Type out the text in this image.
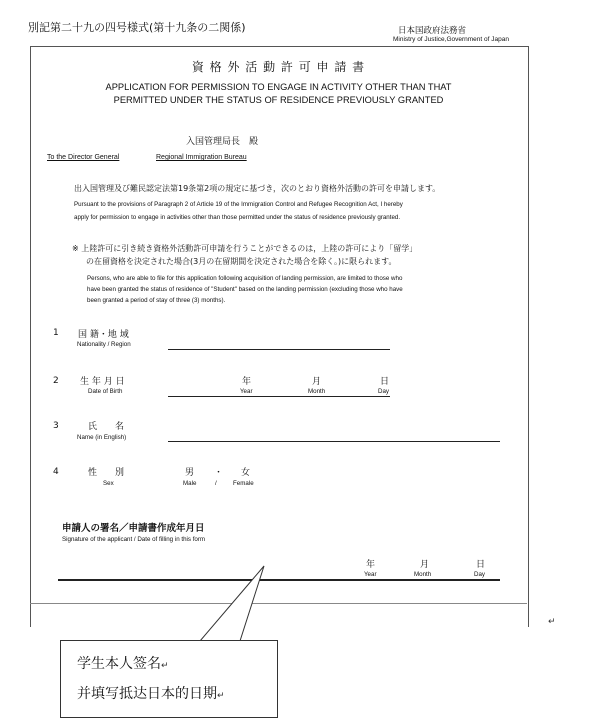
別記第二十九の四号様式(第十九条の二関係)	日本国政府法務省
Ministry of Justice,Government of Japan
資 格 外 活 動 許 可 申 請 書
APPLICATION FOR PERMISSION TO ENGAGE IN ACTIVITY OTHER THAN THAT
PERMITTED UNDER THE STATUS OF RESIDENCE PREVIOUSLY GRANTED
入国管理局長　殿
To the Director General	Regional Immigration Bureau
出入国管理及び難民認定法第19条第2項の規定に基づき，次のとおり資格外活動の許可を申請します。
Pursuant to the provisions of Paragraph 2 of Article 19 of the Immigration Control and Refugee Recognition Act, I hereby
apply for permission to engage in activities other than those permitted under the status of residence previously granted.
※ 上陸許可に引き続き資格外活動許可申請を行うことができるのは，上陸の許可により「留学」
の在留資格を決定された場合(3月の在留期間を決定された場合を除く。)に限られます。
Persons, who are able to file for this application following acquisition of landing permission, are limited to those who
have been granted the status of residence of "Student" based on the landing permission (excluding those who have
been granted a period of stay of three (3) months).
1 国 籍・地 域
Nationality / Region
2 生 年 月 日
Date of Birth
年
Year
月
Month
日
Day
3	氏　　名
Name (in English)
4	性　　別
Sex
男 ・ 女
Male	/	Female
申請人の署名／申請書作成年月日
Signature of the applicant / Date of filling in this form
年
Year
月
Month
日
Day
↵
学生本人签名↵
并填写抵达日本的日期↵
